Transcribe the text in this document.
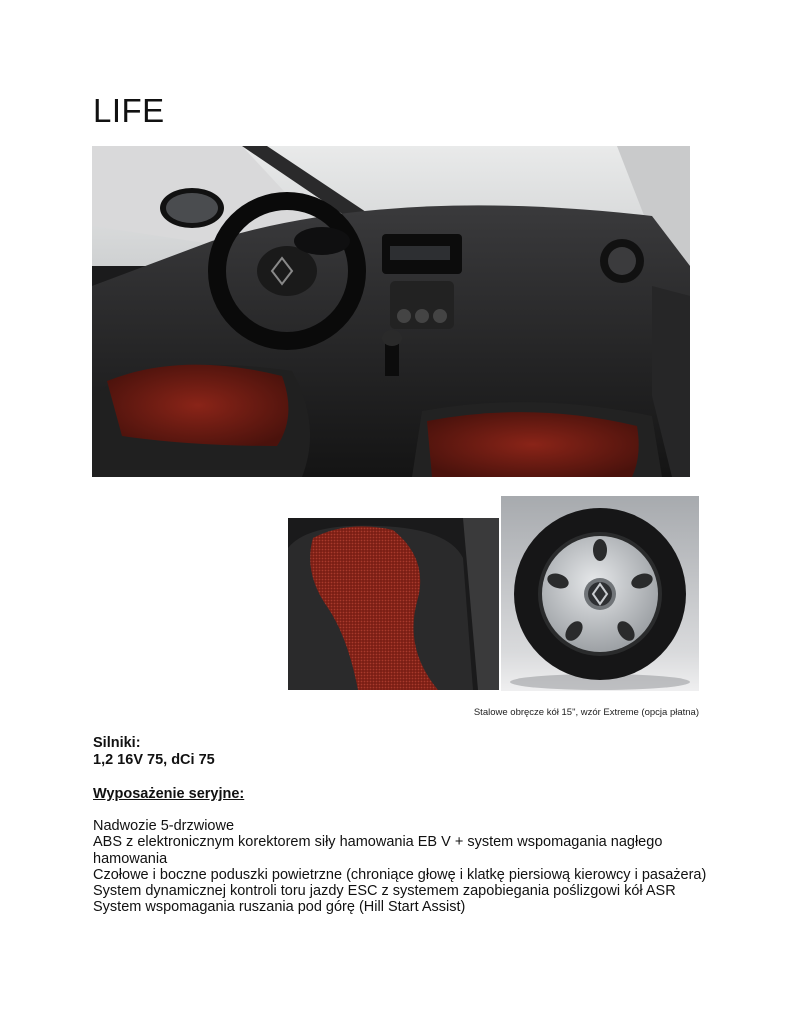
LIFE
Stalowe obręcze kół 15", wzór Extreme (opcja płatna)
Silniki:
1,2 16V 75, dCi 75
Wyposażenie seryjne:
Nadwozie 5-drzwiowe
ABS z elektronicznym korektorem siły hamowania EB V + system wspomagania nagłego hamowania
Czołowe i boczne poduszki powietrzne (chroniące głowę i klatkę piersiową kierowcy i pasażera)
System dynamicznej kontroli toru jazdy ESC z systemem zapobiegania poślizgowi kół ASR
System wspomagania ruszania pod górę (Hill Start Assist)
